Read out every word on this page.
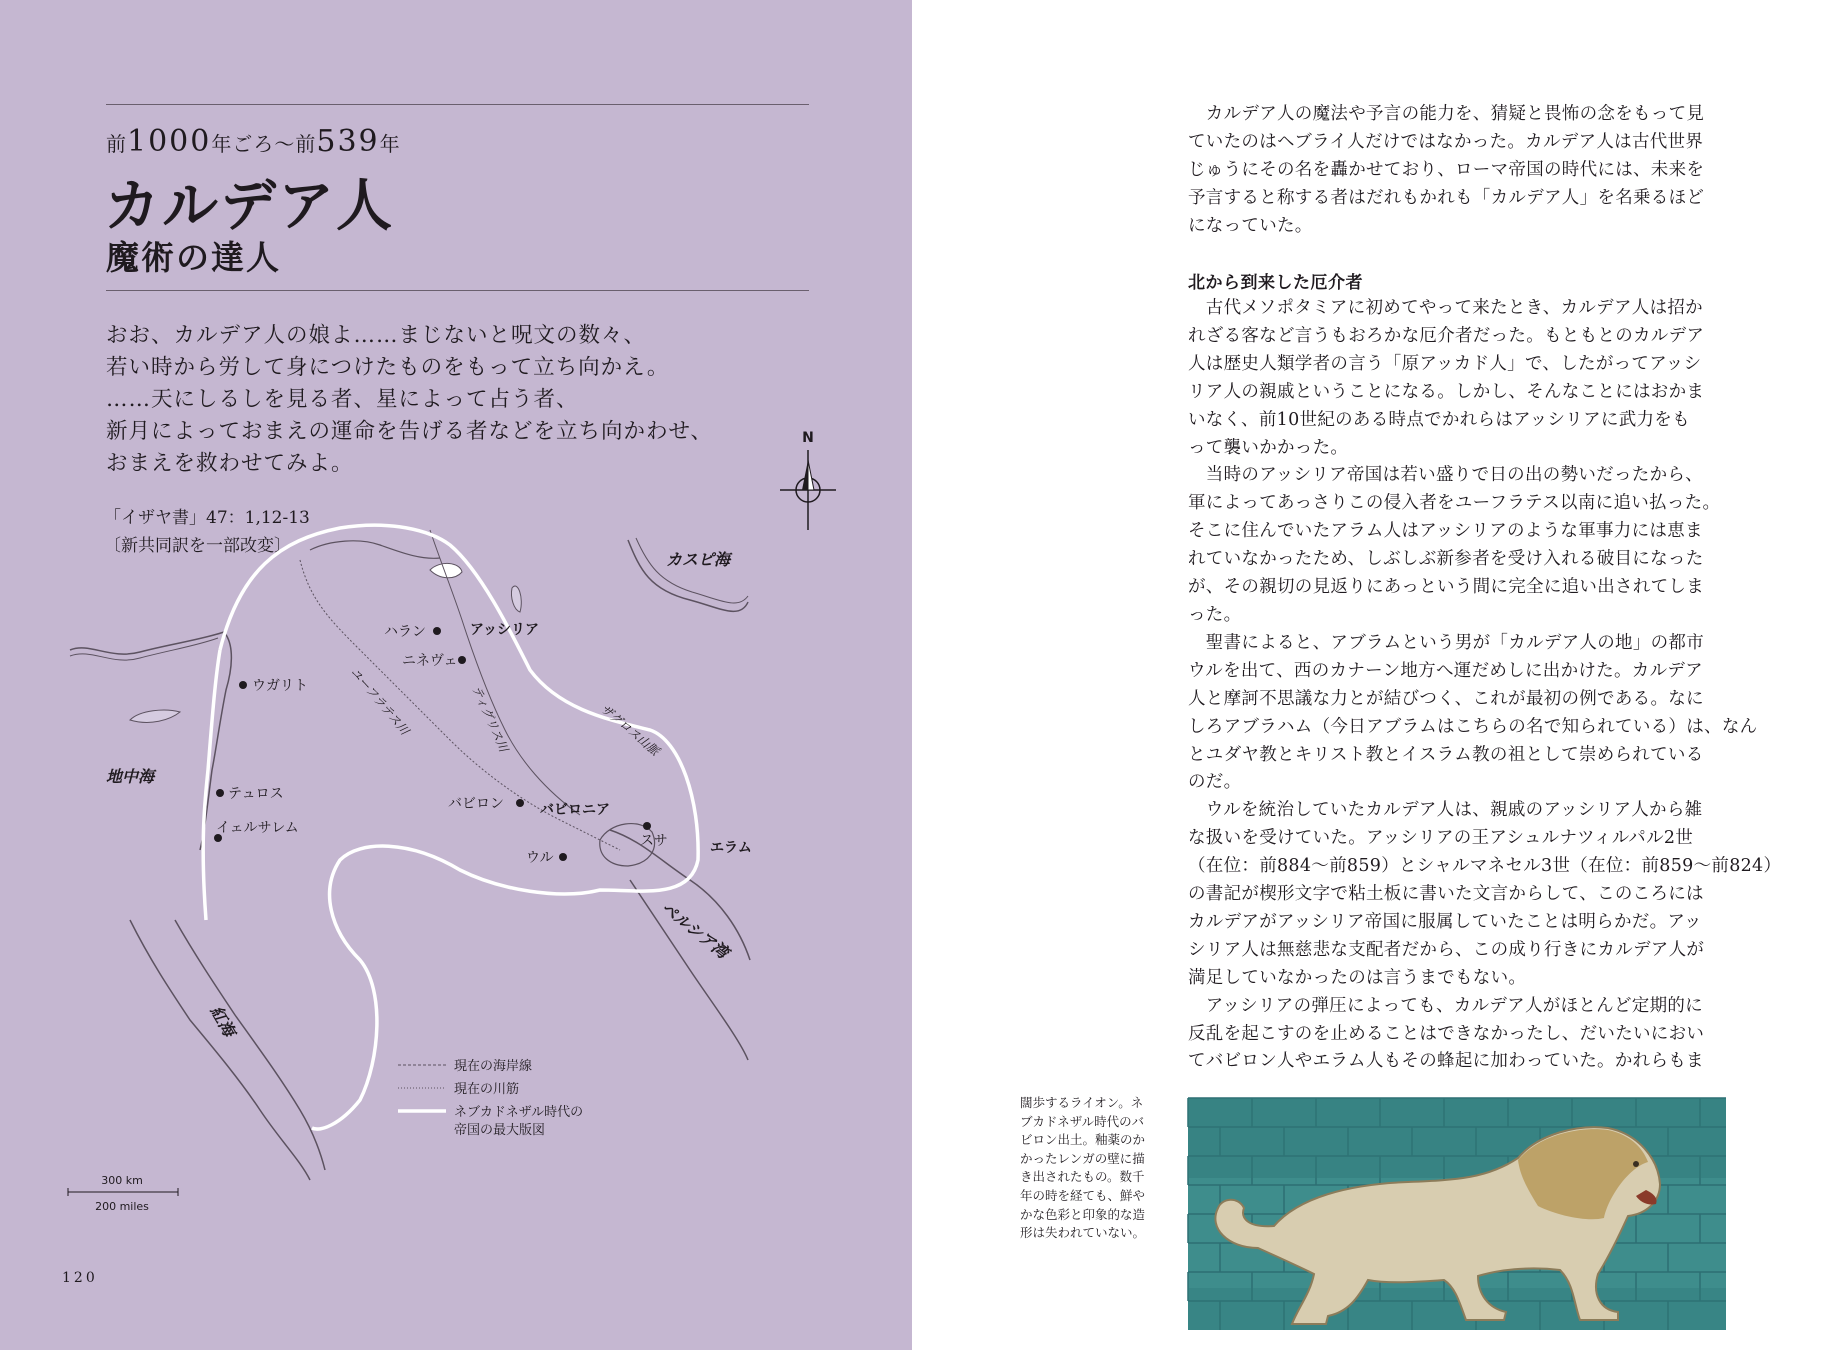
前1000年ごろ〜前539年
カルデア人
魔術の達人
おお、カルデア人の娘よ……まじないと呪文の数々、
若い時から労して身につけたものをもって立ち向かえ。
……天にしるしを見る者、星によって占う者、
新月によっておまえの運命を告げる者などを立ち向かわせ、
おまえを救わせてみよ。
「イザヤ書」47：1,12-13
〔新共同訳を一部改変〕
N
地中海
カスピ海
ペルシア湾
紅海
ハラン
ニネヴェ
ウガリト
テュロス
イェルサレム
バビロン
スサ
ウル
アッシリア
バビロニア
エラム
ユーフラテス川	ティグリス川	ザグロス山脈
現在の海岸線
現在の川筋
ネブカドネザル時代の
帝国の最大版図
300 km
200 miles
120
　カルデア人の魔法や予言の能力を、猜疑と畏怖の念をもって見
ていたのはヘブライ人だけではなかった。カルデア人は古代世界
じゅうにその名を轟かせており、ローマ帝国の時代には、未来を
予言すると称する者はだれもかれも「カルデア人」を名乗るほど
になっていた。
北から到来した厄介者
　古代メソポタミアに初めてやって来たとき、カルデア人は招か
れざる客など言うもおろかな厄介者だった。もともとのカルデア
人は歴史人類学者の言う「原アッカド人」で、したがってアッシ
リア人の親戚ということになる。しかし、そんなことにはおかま
いなく、前10世紀のある時点でかれらはアッシリアに武力をも
って襲いかかった。
　当時のアッシリア帝国は若い盛りで日の出の勢いだったから、
軍によってあっさりこの侵入者をユーフラテス以南に追い払った。
そこに住んでいたアラム人はアッシリアのような軍事力には恵ま
れていなかったため、しぶしぶ新参者を受け入れる破目になった
が、その親切の見返りにあっという間に完全に追い出されてしま
った。
　聖書によると、アブラムという男が「カルデア人の地」の都市
ウルを出て、西のカナーン地方へ運だめしに出かけた。カルデア
人と摩訶不思議な力とが結びつく、これが最初の例である。なに
しろアブラハム（今日アブラムはこちらの名で知られている）は、なん
とユダヤ教とキリスト教とイスラム教の祖として崇められている
のだ。
　ウルを統治していたカルデア人は、親戚のアッシリア人から雑
な扱いを受けていた。アッシリアの王アシュルナツィルパル2世
（在位：前884〜前859）とシャルマネセル3世（在位：前859〜前824）
の書記が楔形文字で粘土板に書いた文言からして、このころには
カルデアがアッシリア帝国に服属していたことは明らかだ。アッ
シリア人は無慈悲な支配者だから、この成り行きにカルデア人が
満足していなかったのは言うまでもない。
　アッシリアの弾圧によっても、カルデア人がほとんど定期的に
反乱を起こすのを止めることはできなかったし、だいたいにおい
てバビロン人やエラム人もその蜂起に加わっていた。かれらもま
闊歩するライオン。ネ
ブカドネザル時代のバ
ビロン出土。釉薬のか
かったレンガの壁に描
き出されたもの。数千
年の時を経ても、鮮や
かな色彩と印象的な造
形は失われていない。
